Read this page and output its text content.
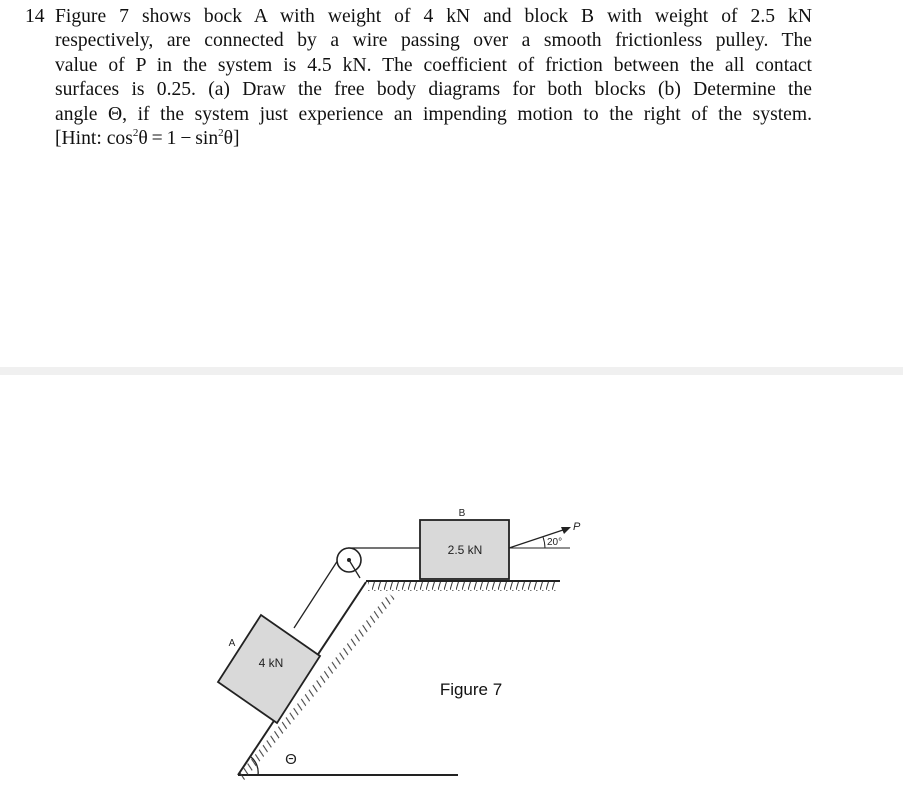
14 Figure 7 shows bock A with weight of 4 kN and block B with weight of 2.5 kN
respectively, are connected by a wire passing over a smooth frictionless pulley. The
value of P in the system is 4.5 kN. The coefficient of friction between the all contact
surfaces is 0.25. (a) Draw the free body diagrams for both blocks (b) Determine the
angle Θ, if the system just experience an impending motion to the right of the system.
[Hint: $\cos^2\theta = 1 - \sin^2\theta$]
2.5 kN
B
4 kN
A
P
20°
Θ
Figure 7
